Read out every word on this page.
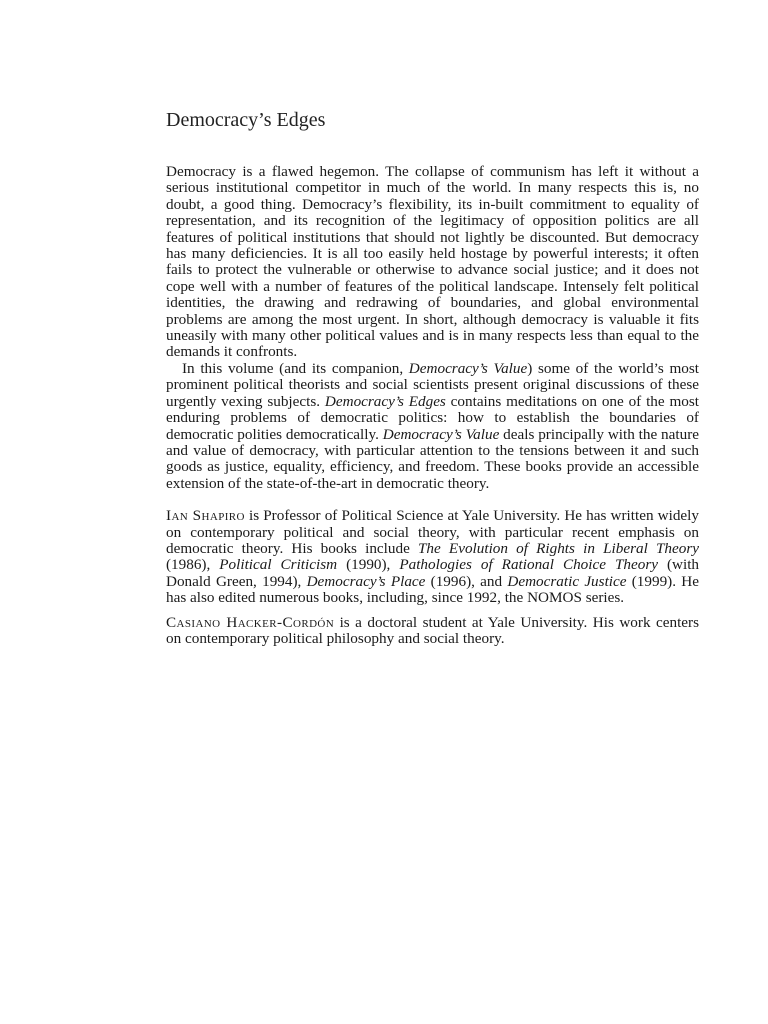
Democracy’s Edges

Democracy is a flawed hegemon. The collapse of communism has left it without a serious institutional competitor in much of the world. In many respects this is, no doubt, a good thing. Democracy’s flexibility, its in-built commitment to equality of representation, and its recognition of the legitimacy of opposition politics are all features of political institutions that should not lightly be discounted. But democracy has many deficiencies. It is all too easily held hostage by powerful interests; it often fails to protect the vulnerable or otherwise to advance social justice; and it does not cope well with a number of features of the political landscape. Intensely felt political identities, the drawing and redrawing of boundaries, and global environmental problems are among the most urgent. In short, although democracy is valuable it fits uneasily with many other political values and is in many respects less than equal to the demands it confronts.

In this volume (and its companion, Democracy’s Value) some of the world’s most prominent political theorists and social scientists present original discussions of these urgently vexing subjects. Democracy’s Edges contains meditations on one of the most enduring problems of democratic politics: how to establish the boundaries of democratic polities democratically. Democracy’s Value deals principally with the nature and value of democracy, with particular attention to the tensions between it and such goods as justice, equality, efficiency, and freedom. These books provide an accessible extension of the state-of-the-art in democratic theory.

Ian Shapiro is Professor of Political Science at Yale University. He has written widely on contemporary political and social theory, with particular recent emphasis on democratic theory. His books include The Evolution of Rights in Liberal Theory (1986), Political Criticism (1990), Pathologies of Rational Choice Theory (with Donald Green, 1994), Democracy’s Place (1996), and Democratic Justice (1999). He has also edited numerous books, including, since 1992, the NOMOS series.

Casiano Hacker-Cordón is a doctoral student at Yale University. His work centers on contemporary political philosophy and social theory.
